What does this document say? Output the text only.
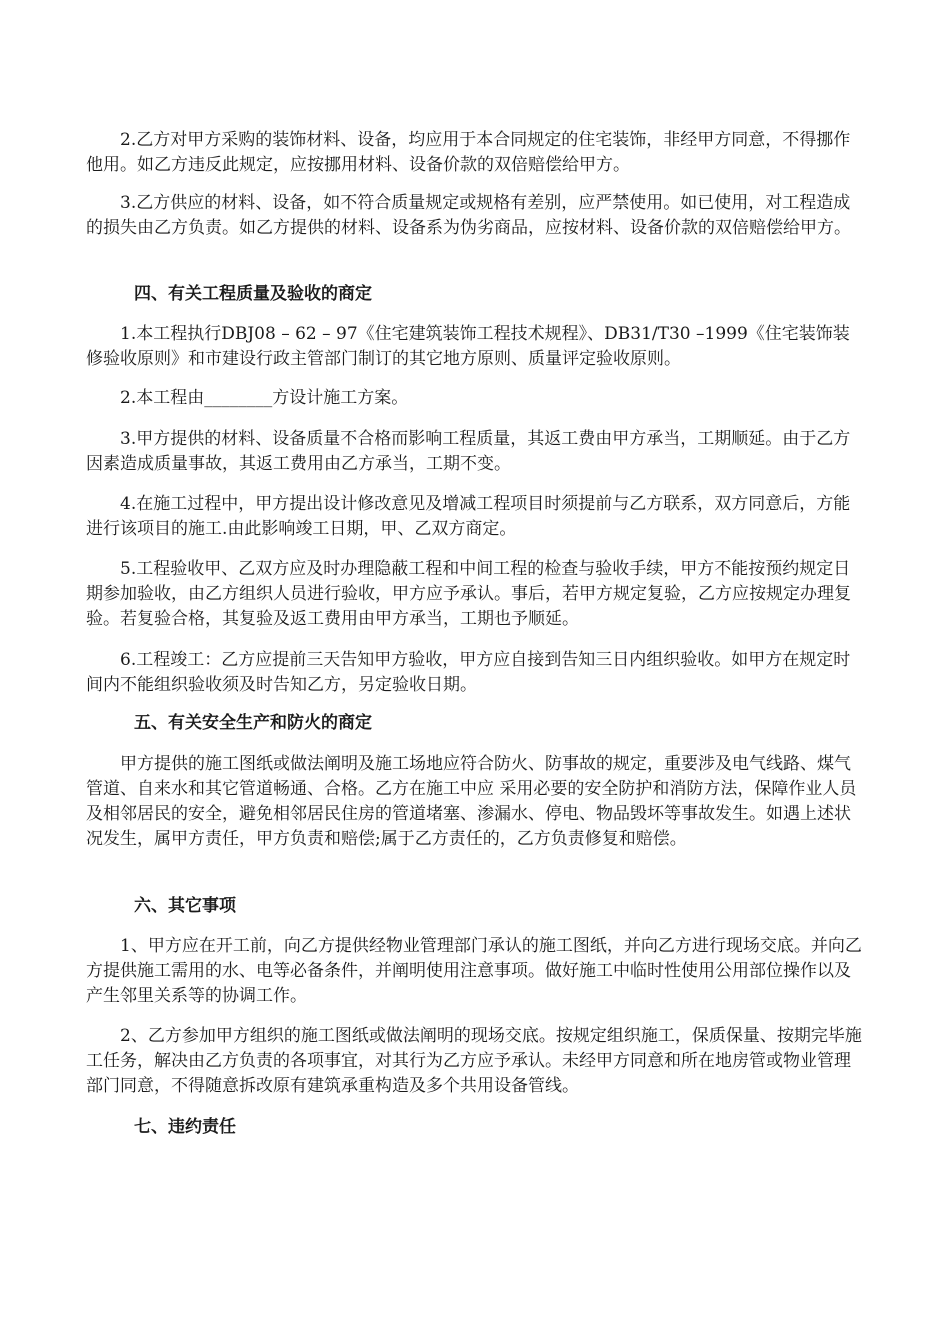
　　2.乙方对甲方采购的装饰材料、设备，均应用于本合同规定的住宅装饰，非经甲方同意，不得挪作他用。如乙方违反此规定，应按挪用材料、设备价款的双倍赔偿给甲方。

　　3.乙方供应的材料、设备，如不符合质量规定或规格有差别，应严禁使用。如已使用，对工程造成的损失由乙方负责。如乙方提供的材料、设备系为伪劣商品，应按材料、设备价款的双倍赔偿给甲方。

四、有关工程质量及验收的商定

　　1.本工程执行DBJ08 – 62 – 97《住宅建筑装饰工程技术规程》、DB31/T30 –1999《住宅装饰装修验收原则》和市建设行政主管部门制订的其它地方原则、质量评定验收原则。

　　2.本工程由________方设计施工方案。

　　3.甲方提供的材料、设备质量不合格而影响工程质量，其返工费由甲方承当，工期顺延。由于乙方因素造成质量事故，其返工费用由乙方承当，工期不变。

　　4.在施工过程中，甲方提出设计修改意见及增减工程项目时须提前与乙方联系，双方同意后，方能进行该项目的施工.由此影响竣工日期，甲、乙双方商定。

　　5.工程验收甲、乙双方应及时办理隐蔽工程和中间工程的检查与验收手续，甲方不能按预约规定日期参加验收，由乙方组织人员进行验收，甲方应予承认。事后，若甲方规定复验，乙方应按规定办理复验。若复验合格，其复验及返工费用由甲方承当，工期也予顺延。

　　6.工程竣工：乙方应提前三天告知甲方验收，甲方应自接到告知三日内组织验收。如甲方在规定时间内不能组织验收须及时告知乙方，另定验收日期。

五、有关安全生产和防火的商定

　　甲方提供的施工图纸或做法阐明及施工场地应符合防火、防事故的规定，重要涉及电气线路、煤气管道、自来水和其它管道畅通、合格。乙方在施工中应 采用必要的安全防护和消防方法，保障作业人员及相邻居民的安全，避免相邻居民住房的管道堵塞、渗漏水、停电、物品毁坏等事故发生。如遇上述状况发生，属甲方责任，甲方负责和赔偿;属于乙方责任的，乙方负责修复和赔偿。

六、其它事项

　　1、甲方应在开工前，向乙方提供经物业管理部门承认的施工图纸，并向乙方进行现场交底。并向乙方提供施工需用的水、电等必备条件，并阐明使用注意事项。做好施工中临时性使用公用部位操作以及产生邻里关系等的协调工作。

　　2、乙方参加甲方组织的施工图纸或做法阐明的现场交底。按规定组织施工，保质保量、按期完毕施工任务，解决由乙方负责的各项事宜，对其行为乙方应予承认。未经甲方同意和所在地房管或物业管理部门同意，不得随意拆改原有建筑承重构造及多个共用设备管线。

七、违约责任
